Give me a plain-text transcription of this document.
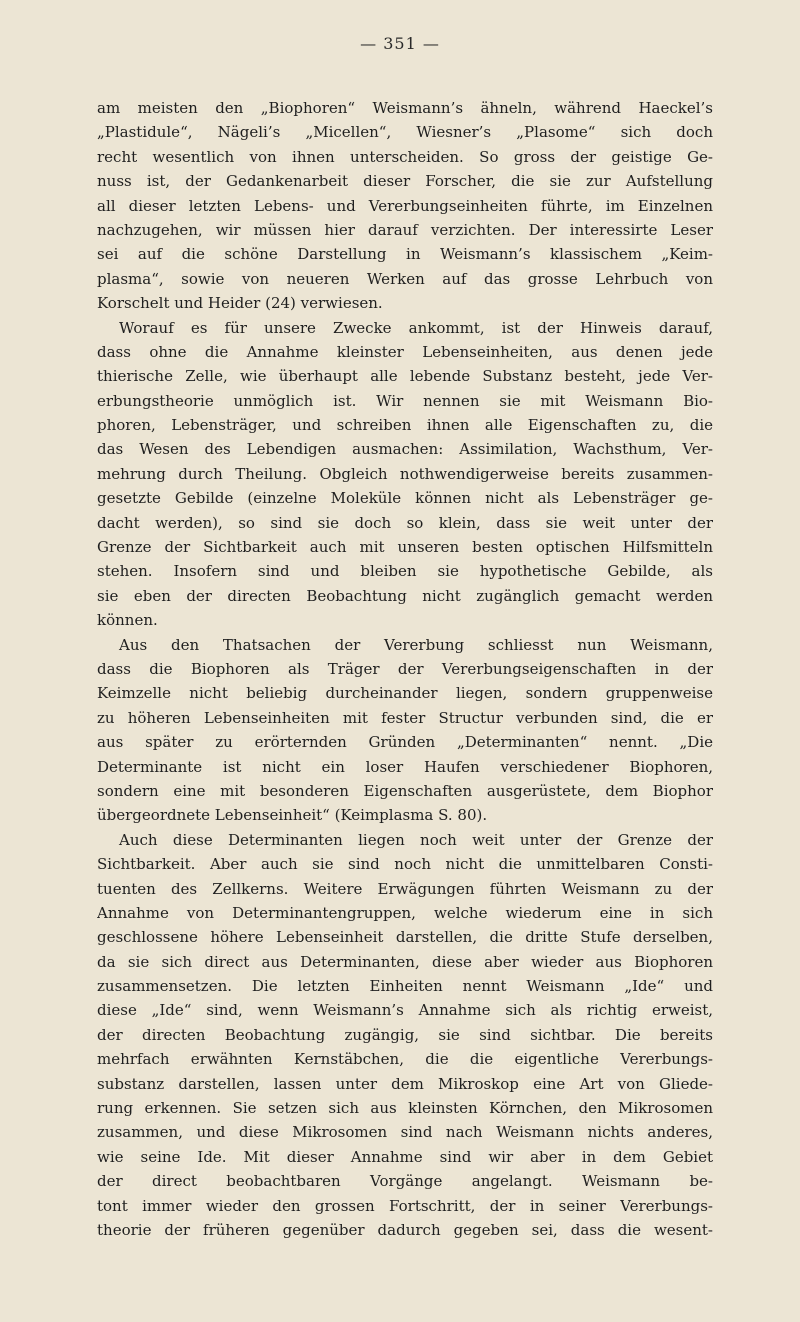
— 351 —
am meisten den „Biophoren“ Weismann’s ähneln, während Haeckel’s
„Plastidule“, Nägeli’s „Micellen“, Wiesner’s „Plasome“ sich doch
recht wesentlich von ihnen unterscheiden. So gross der geistige Ge-
nuss ist, der Gedankenarbeit dieser Forscher, die sie zur Aufstellung
all dieser letzten Lebens- und Vererbungseinheiten führte, im Einzelnen
nachzugehen, wir müssen hier darauf verzichten. Der interessirte Leser
sei auf die schöne Darstellung in Weismann’s klassischem „Keim-
plasma“, sowie von neueren Werken auf das grosse Lehrbuch von
Korschelt und Heider (24) verwiesen.
Worauf es für unsere Zwecke ankommt, ist der Hinweis darauf,
dass ohne die Annahme kleinster Lebenseinheiten, aus denen jede
thierische Zelle, wie überhaupt alle lebende Substanz besteht, jede Ver-
erbungstheorie unmöglich ist. Wir nennen sie mit Weismann Bio-
phoren, Lebensträger, und schreiben ihnen alle Eigenschaften zu, die
das Wesen des Lebendigen ausmachen: Assimilation, Wachsthum, Ver-
mehrung durch Theilung. Obgleich nothwendigerweise bereits zusammen-
gesetzte Gebilde (einzelne Moleküle können nicht als Lebensträger ge-
dacht werden), so sind sie doch so klein, dass sie weit unter der
Grenze der Sichtbarkeit auch mit unseren besten optischen Hilfsmitteln
stehen. Insofern sind und bleiben sie hypothetische Gebilde, als
sie eben der directen Beobachtung nicht zugänglich gemacht werden
können.
Aus den Thatsachen der Vererbung schliesst nun Weismann,
dass die Biophoren als Träger der Vererbungseigenschaften in der
Keimzelle nicht beliebig durcheinander liegen, sondern gruppenweise
zu höheren Lebenseinheiten mit fester Structur verbunden sind, die er
aus später zu erörternden Gründen „Determinanten“ nennt. „Die
Determinante ist nicht ein loser Haufen verschiedener Biophoren,
sondern eine mit besonderen Eigenschaften ausgerüstete, dem Biophor
übergeordnete Lebenseinheit“ (Keimplasma S. 80).
Auch diese Determinanten liegen noch weit unter der Grenze der
Sichtbarkeit. Aber auch sie sind noch nicht die unmittelbaren Consti-
tuenten des Zellkerns. Weitere Erwägungen führten Weismann zu der
Annahme von Determinantengruppen, welche wiederum eine in sich
geschlossene höhere Lebenseinheit darstellen, die dritte Stufe derselben,
da sie sich direct aus Determinanten, diese aber wieder aus Biophoren
zusammensetzen. Die letzten Einheiten nennt Weismann „Ide“ und
diese „Ide“ sind, wenn Weismann’s Annahme sich als richtig erweist,
der directen Beobachtung zugängig, sie sind sichtbar. Die bereits
mehrfach erwähnten Kernstäbchen, die die eigentliche Vererbungs-
substanz darstellen, lassen unter dem Mikroskop eine Art von Gliede-
rung erkennen. Sie setzen sich aus kleinsten Körnchen, den Mikrosomen
zusammen, und diese Mikrosomen sind nach Weismann nichts anderes,
wie seine Ide. Mit dieser Annahme sind wir aber in dem Gebiet
der direct beobachtbaren Vorgänge angelangt. Weismann be-
tont immer wieder den grossen Fortschritt, der in seiner Vererbungs-
theorie der früheren gegenüber dadurch gegeben sei, dass die wesent-
